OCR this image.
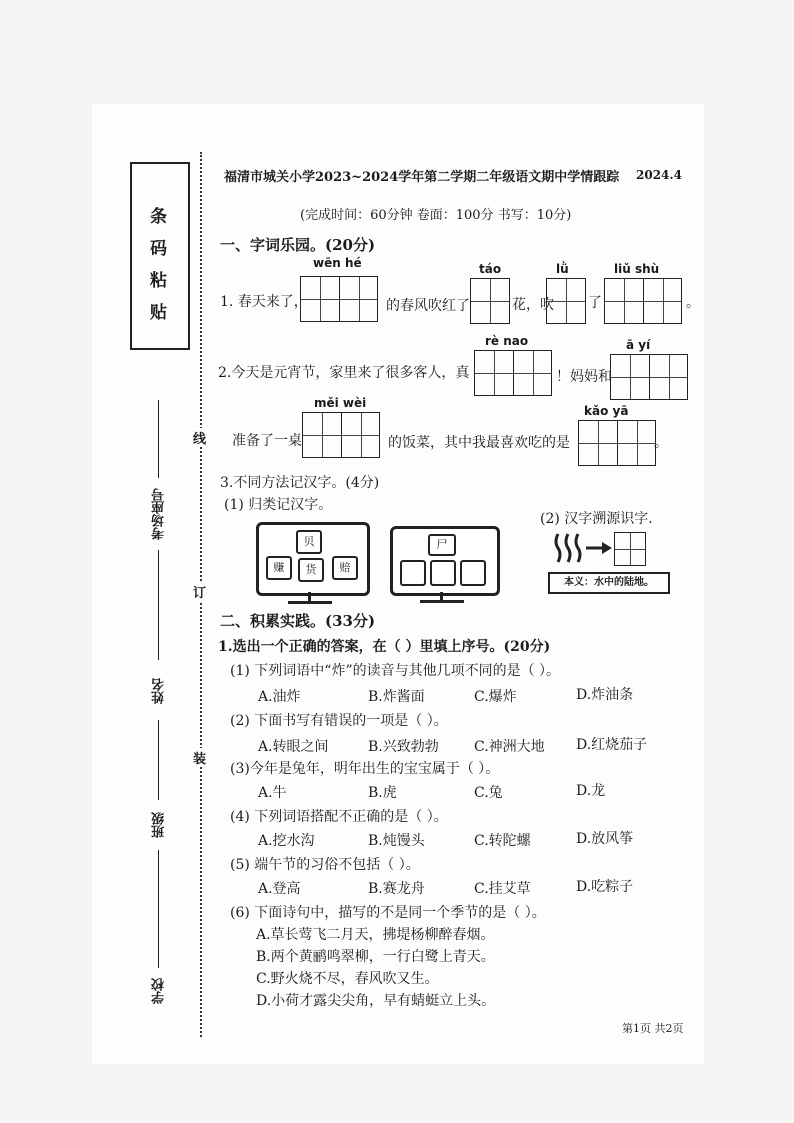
条
码
粘
贴
考场座号
姓名
班级
学校
线
订
装
福清市城关小学2023~2024学年第二学期二年级语文期中学情跟踪 2024.4
(完成时间：60分钟 卷面：100分 书写：10分)
一、字词乐园。(20分)
wēn hé
1. 春天来了，	的春风吹红了
táo
花，吹
lǜ
了
liǔ shù
。
2.今天是元宵节，家里来了很多客人，真
rè nao
！妈妈和
ā yí
准备了一桌
měi wèi
的饭菜，其中我最喜欢吃的是
kǎo yā
。
3.不同方法记汉字。(4分)
(1) 归类记汉字。
(2) 汉字溯源识字.
贝
赚	货	赔
尸
本义：水中的陆地。
二、积累实践。(33分)
1.选出一个正确的答案，在（ ）里填上序号。(20分)
(1) 下列词语中“炸”的读音与其他几项不同的是（ ）。
A.油炸	B.炸酱面	C.爆炸	D.炸油条
(2) 下面书写有错误的一项是（ ）。
A.转眼之间	B.兴致勃勃	C.神洲大地 D.红烧茄子
(3)今年是兔年，明年出生的宝宝属于（ ）。
A.牛	B.虎	C.兔	D.龙
(4) 下列词语搭配不正确的是（ ）。
A.挖水沟	B.炖馒头	C.转陀螺	D.放风筝
(5) 端午节的习俗不包括（ ）。
A.登高	B.赛龙舟	C.挂艾草	D.吃粽子
(6) 下面诗句中，描写的不是同一个季节的是（ ）。
A.草长莺飞二月天，拂堤杨柳醉春烟。
B.两个黄鹂鸣翠柳，一行白鹭上青天。
C.野火烧不尽，春风吹又生。
D.小荷才露尖尖角，早有蜻蜓立上头。
第1页 共2页
